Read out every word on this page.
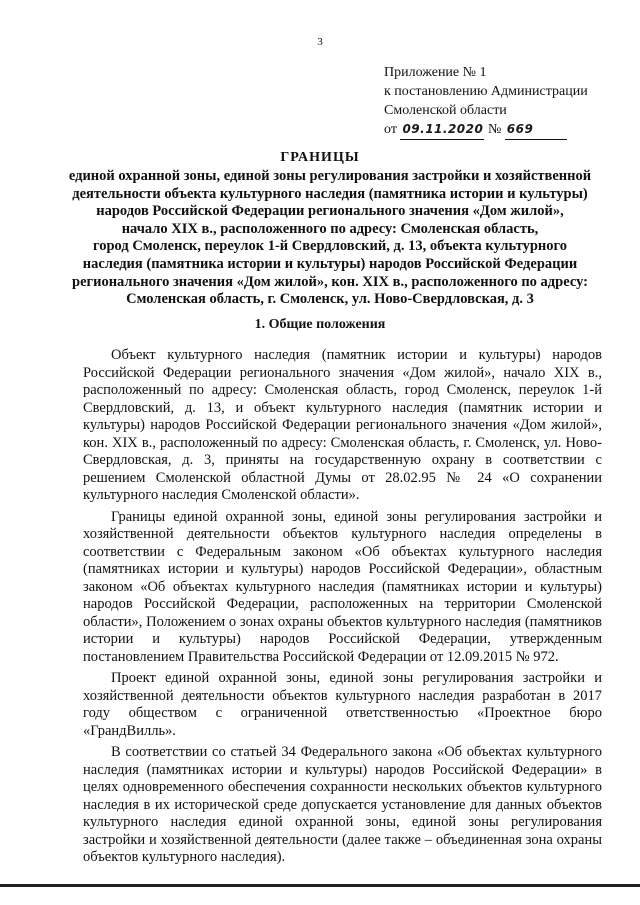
3
Приложение № 1
к постановлению Администрации
Смоленской области
от 09.11.2020 № 669
ГРАНИЦЫ
единой охранной зоны, единой зоны регулирования застройки и хозяйственной
деятельности объекта культурного наследия (памятника истории и культуры)
народов Российской Федерации регионального значения «Дом жилой»,
начало XIX в., расположенного по адресу: Смоленская область,
город Смоленск, переулок 1-й Свердловский, д. 13, объекта культурного
наследия (памятника истории и культуры) народов Российской Федерации
регионального значения «Дом жилой», кон. XIX в., расположенного по адресу:
Смоленская область, г. Смоленск, ул. Ново-Свердловская, д. 3
1. Общие положения

Объект культурного наследия (памятник истории и культуры) народов Российской Федерации регионального значения «Дом жилой», начало XIX в., расположенный по адресу: Смоленская область, город Смоленск, переулок 1-й Свердловский, д. 13, и объект культурного наследия (памятник истории и культуры) народов Российской Федерации регионального значения «Дом жилой», кон. XIX в., расположенный по адресу: Смоленская область, г. Смоленск, ул. Ново-Свердловская, д. 3, приняты на государственную охрану в соответствии с решением Смоленской областной Думы от 28.02.95 № 24 «О сохранении культурного наследия Смоленской области».

Границы единой охранной зоны, единой зоны регулирования застройки и хозяйственной деятельности объектов культурного наследия определены в соответствии с Федеральным законом «Об объектах культурного наследия (памятниках истории и культуры) народов Российской Федерации», областным законом «Об объектах культурного наследия (памятниках истории и культуры) народов Российской Федерации, расположенных на территории Смоленской области», Положением о зонах охраны объектов культурного наследия (памятников истории и культуры) народов Российской Федерации, утвержденным постановлением Правительства Российской Федерации от 12.09.2015 № 972.

Проект единой охранной зоны, единой зоны регулирования застройки и хозяйственной деятельности объектов культурного наследия разработан в 2017 году обществом с ограниченной ответственностью «Проектное бюро «ГрандВилль».

В соответствии со статьей 34 Федерального закона «Об объектах культурного наследия (памятниках истории и культуры) народов Российской Федерации» в целях одновременного обеспечения сохранности нескольких объектов культурного наследия в их исторической среде допускается установление для данных объектов культурного наследия единой охранной зоны, единой зоны регулирования застройки и хозяйственной деятельности (далее также – объединенная зона охраны объектов культурного наследия).
